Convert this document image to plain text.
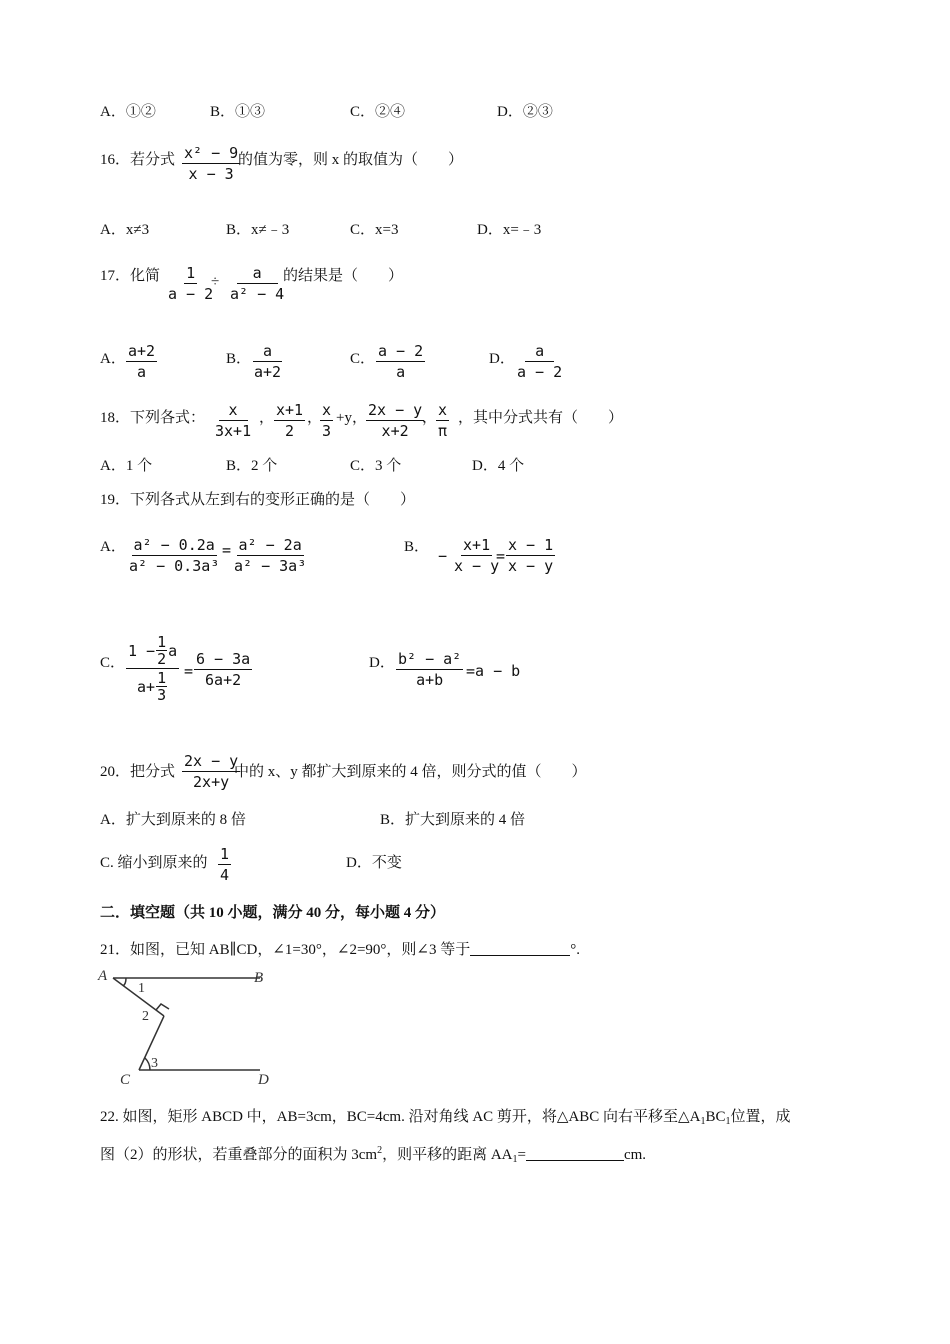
A．①②	B．①③	C．②④	D．②③
16．若分式 $\frac{\text{x² − 9}}{x - 3}$
的值为零，则 x 的取值为（　　）
A．x≠3	B．x≠﹣3	C．x=3	D．x=﹣3
17．化简 $\frac{1}{a - 2}$
÷ $\frac{a}{\text{a² − 4}}$
的结果是（　　）
A． $\frac{a+2}{a}$	B． $\frac{a}{a+2}$	C． $\frac{a - 2}{a}$	D． $\frac{a}{a - 2}$
18．下列各式： $\frac{x}{3x+1}$ ， $\frac{x+1}{2}$ ，
$\frac{x}{3} +y$， $\frac{2x - y}{x+2}$
，
$\frac{x}{\pi}$ ，其中分式共有（　　）
A．1 个	B．2 个	C．3 个	D．4 个
19．下列各式从左到右的变形正确的是（　　）
A． $\frac{\text{a² − 0.2a}}{\text{a² − 0.3a³}} = \frac{\text{a² − 2a}}{\text{a² − 3a³}}$	B． − $\frac{x+1}{x - y}$
= $\frac{x - 1}{x - y}$
C． $\frac{1 - \frac{1}{2} a}{a+ \frac{1}{3}} = \frac{6 - 3a}{6a+2}$	D． $\frac{\text{b² − a²}}{a+b} =a - b$
20．把分式 $\frac{2x - y}{2x+y}$
中的 x、y 都扩大到原来的 4 倍，则分式的值（　　）
A．扩大到原来的 8 倍	B．扩大到原来的 4 倍
C. 缩小到原来的 $\frac{1}{4}$	D．不变
二．填空题（共 10 小题，满分 40 分，每小题 4 分）
21．如图，已知 AB∥CD，∠1=30°，∠2=90°，则∠3 等于	°.
A	B
C	D
1
2
3
22. 如图，矩形 ABCD 中，AB=3cm，BC=4cm. 沿对角线 AC 剪开，将△ABC 向右平移至$\triangle A_1BC_1$位置，成
图（2）的形状，若重叠部分的面积为 $3cm^2$，则平移的距离 $AA_1=$	cm.
